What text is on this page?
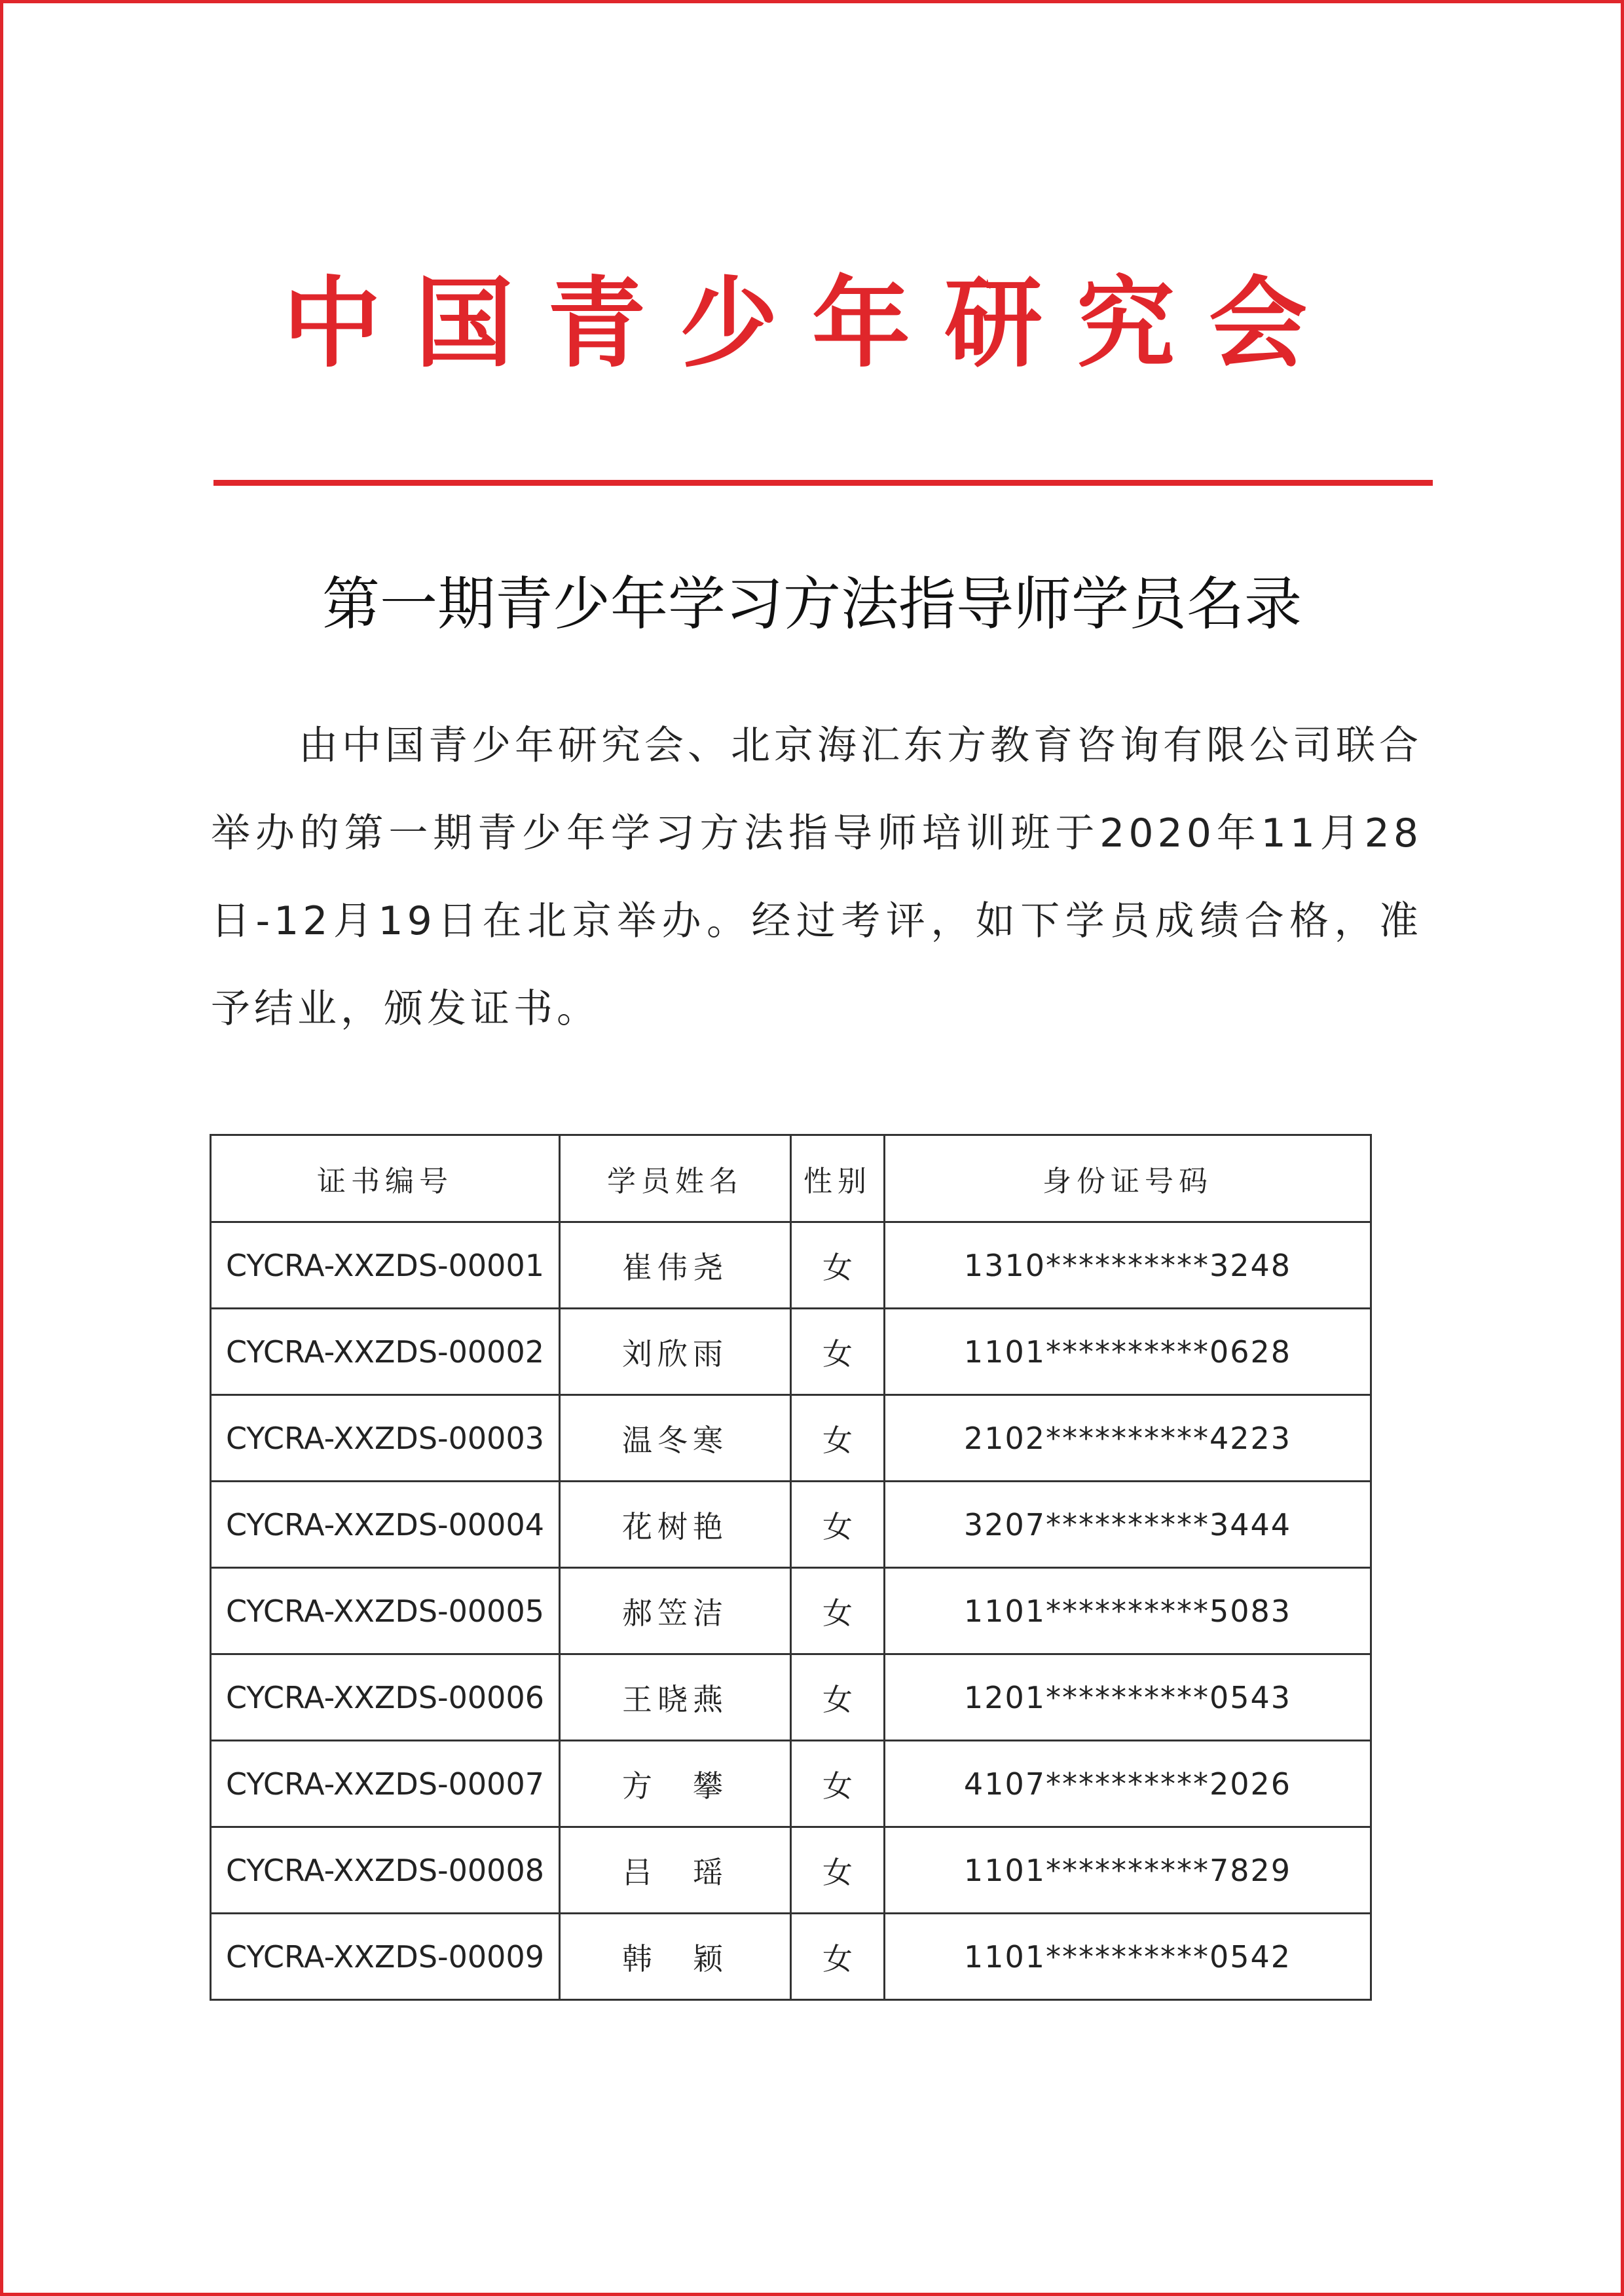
中国青少年研究会
第一期青少年学习方法指导师学员名录

由中国青少年研究会、北京海汇东方教育咨询有限公司联合举办的第一期青少年学习方法指导师培训班于2020年11月28日-12月19日在北京举办。经过考评，如下学员成绩合格，准予结业，颁发证书。

证书编号	学员姓名	性别	身份证号码
CYCRA-XXZDS-00001	崔伟尧	女	1310**********3248
CYCRA-XXZDS-00002	刘欣雨	女	1101**********0628
CYCRA-XXZDS-00003	温冬寒	女	2102**********4223
CYCRA-XXZDS-00004	花树艳	女	3207**********3444
CYCRA-XXZDS-00005	郝笠洁	女	1101**********5083
CYCRA-XXZDS-00006	王晓燕	女	1201**********0543
CYCRA-XXZDS-00007	方　攀	女	4107**********2026
CYCRA-XXZDS-00008	吕　瑶	女	1101**********7829
CYCRA-XXZDS-00009	韩　颖	女	1101**********0542
